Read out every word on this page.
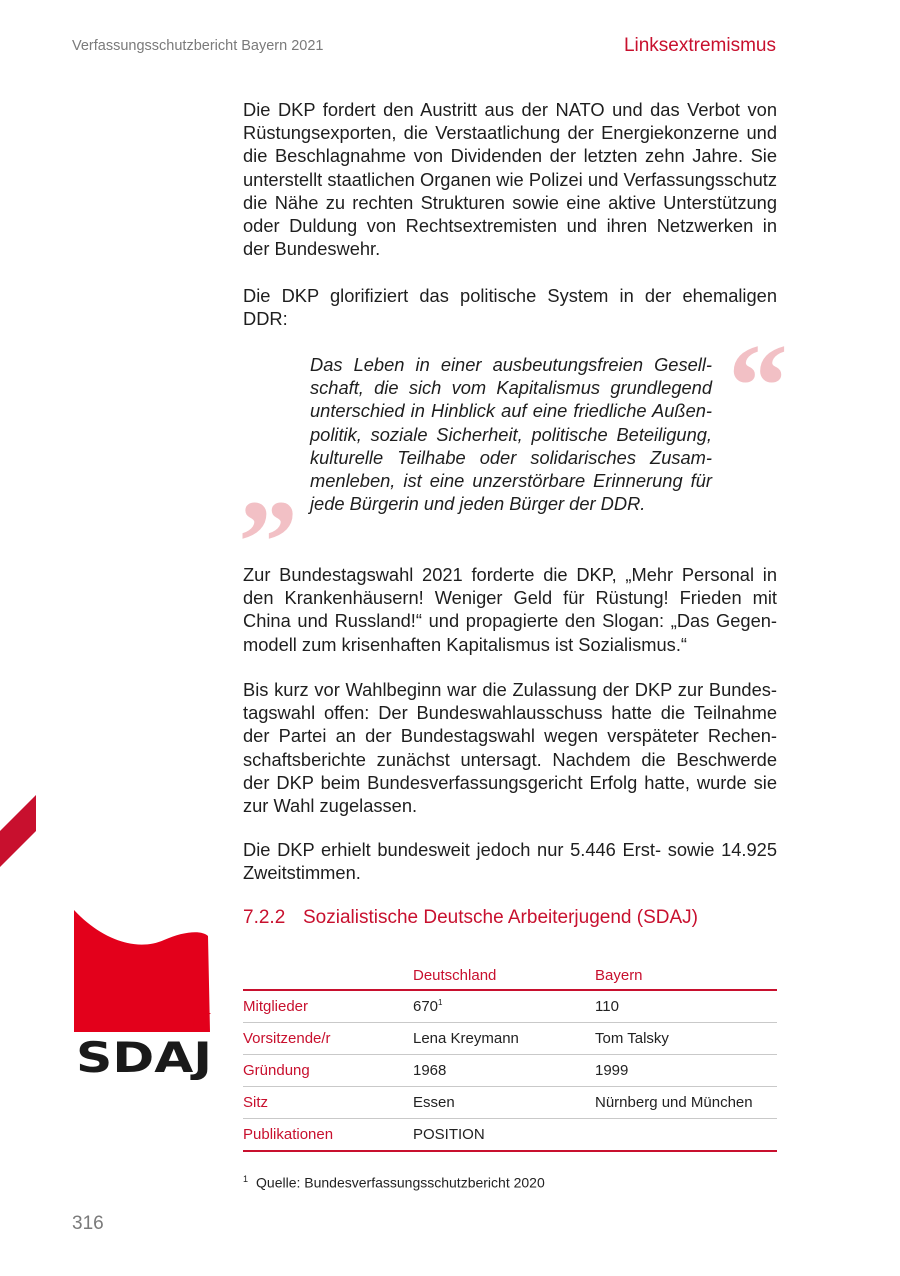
Verfassungsschutzbericht Bayern 2021	Linksextremismus

Die DKP fordert den Austritt aus der NATO und das Verbot von Rüstungsexporten, die Verstaatlichung der Energiekonzerne und die Beschlagnahme von Dividenden der letzten zehn Jahre. Sie unterstellt staatlichen Organen wie Polizei und Verfassungsschutz die Nähe zu rechten Strukturen sowie eine aktive Unterstützung oder Duldung von Rechtsextremisten und ihren Netzwerken in der Bundeswehr.

Die DKP glorifiziert das politische System in der ehemaligen DDR:

“
Das Leben in einer ausbeutungsfreien Gesellschaft, die sich vom Kapitalismus grundlegend unterschied in Hinblick auf eine friedliche Außenpolitik, soziale Sicherheit, politische Beteiligung, kulturelle Teilhabe oder solidarisches Zusammenleben, ist eine unzerstörbare Erinnerung für jede Bürgerin und jeden Bürger der DDR.
”

Zur Bundestagswahl 2021 forderte die DKP, „Mehr Personal in den Krankenhäusern! Weniger Geld für Rüstung! Frieden mit China und Russland!“ und propagierte den Slogan: „Das Gegenmodell zum krisenhaften Kapitalismus ist Sozialismus.“

Bis kurz vor Wahlbeginn war die Zulassung der DKP zur Bundestagswahl offen: Der Bundeswahlausschuss hatte die Teilnahme der Partei an der Bundestagswahl wegen verspäteter Rechenschaftsberichte zunächst untersagt. Nachdem die Beschwerde der DKP beim Bundesverfassungsgericht Erfolg hatte, wurde sie zur Wahl zugelassen.

Die DKP erhielt bundesweit jedoch nur 5.446 Erst- sowie 14.925 Zweitstimmen.

SDAJ
7.2.2 Sozialistische Deutsche Arbeiterjugend (SDAJ)
	Deutschland	Bayern
Mitglieder	$670^1$	110
Vorsitzende/r	Lena Kreymann	Tom Talsky
Gründung	1968	1999
Sitz	Essen	Nürnberg und München
Publikationen	POSITION	
$^1$ Quelle: Bundesverfassungsschutzbericht 2020
316
